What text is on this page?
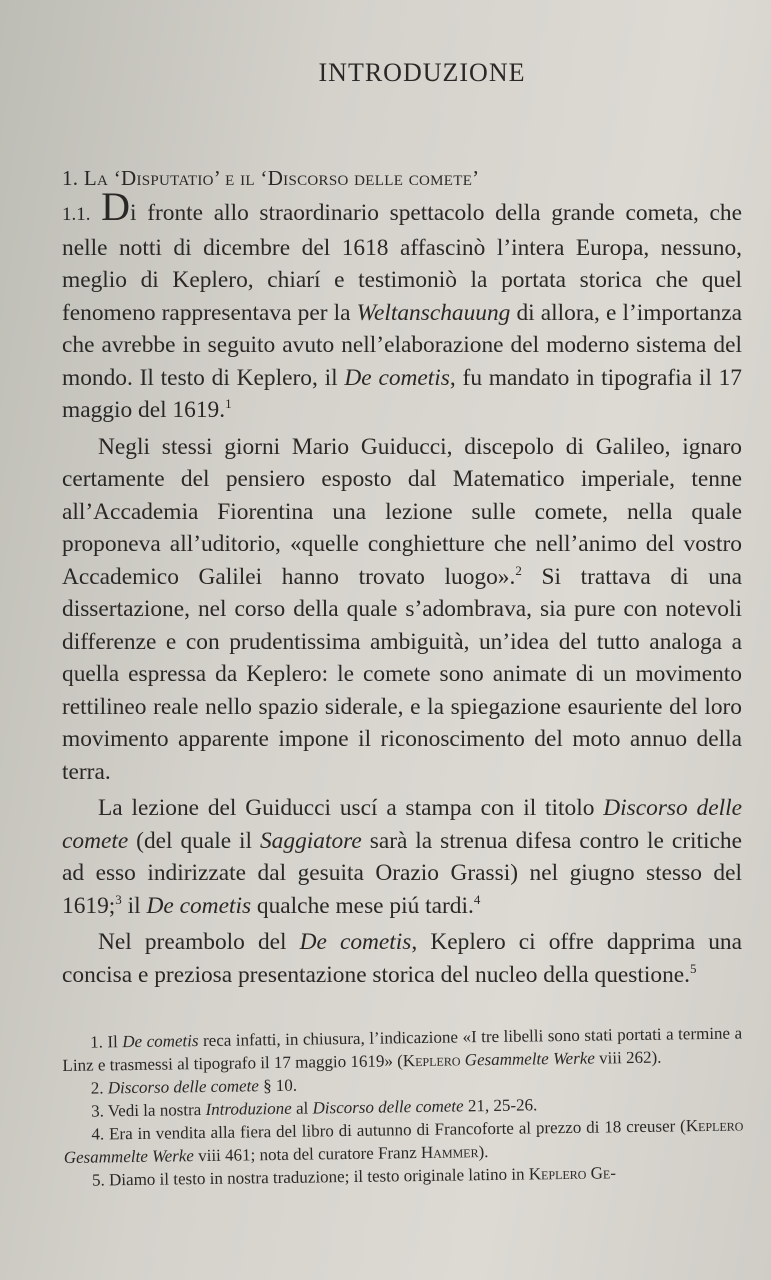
INTRODUZIONE
1. La ‘Disputatio’ e il ‘Discorso delle comete’

1.1. Di fronte allo straordinario spettacolo della grande cometa, che nelle notti di dicembre del 1618 affascinò l’intera Europa, nessuno, meglio di Keplero, chiarí e testimoniò la portata storica che quel fenomeno rappresentava per la Weltanschauung di allora, e l’importanza che avrebbe in seguito avuto nell’elaborazione del moderno sistema del mondo. Il testo di Keplero, il De cometis, fu mandato in tipografia il 17 maggio del 1619.$^1$

Negli stessi giorni Mario Guiducci, discepolo di Galileo, ignaro certamente del pensiero esposto dal Matematico imperiale, tenne all’Accademia Fiorentina una lezione sulle comete, nella quale proponeva all’uditorio, «quelle conghietture che nell’animo del vostro Accademico Galilei hanno trovato luogo».$^2$ Si trattava di una dissertazione, nel corso della quale s’adombrava, sia pure con notevoli differenze e con prudentissima ambiguità, un’idea del tutto analoga a quella espressa da Keplero: le comete sono animate di un movimento rettilineo reale nello spazio siderale, e la spiegazione esauriente del loro movimento apparente impone il riconoscimento del moto annuo della terra.

La lezione del Guiducci uscí a stampa con il titolo Discorso delle comete (del quale il Saggiatore sarà la strenua difesa contro le critiche ad esso indirizzate dal gesuita Orazio Grassi) nel giugno stesso del 1619;$^3$ il De cometis qualche mese piú tardi.$^4$

Nel preambolo del De cometis, Keplero ci offre dapprima una concisa e preziosa presentazione storica del nucleo della questione.$^5$

1. Il De cometis reca infatti, in chiusura, l’indicazione «I tre libelli sono stati portati a termine a Linz e trasmessi al tipografo il 17 maggio 1619» (Keplero Gesammelte Werke viii 262).

2. Discorso delle comete § 10.

3. Vedi la nostra Introduzione al Discorso delle comete 21, 25-26.

4. Era in vendita alla fiera del libro di autunno di Francoforte al prezzo di 18 creuser (Keplero Gesammelte Werke viii 461; nota del curatore Franz Hammer).

5. Diamo il testo in nostra traduzione; il testo originale latino in Keplero Ge-
